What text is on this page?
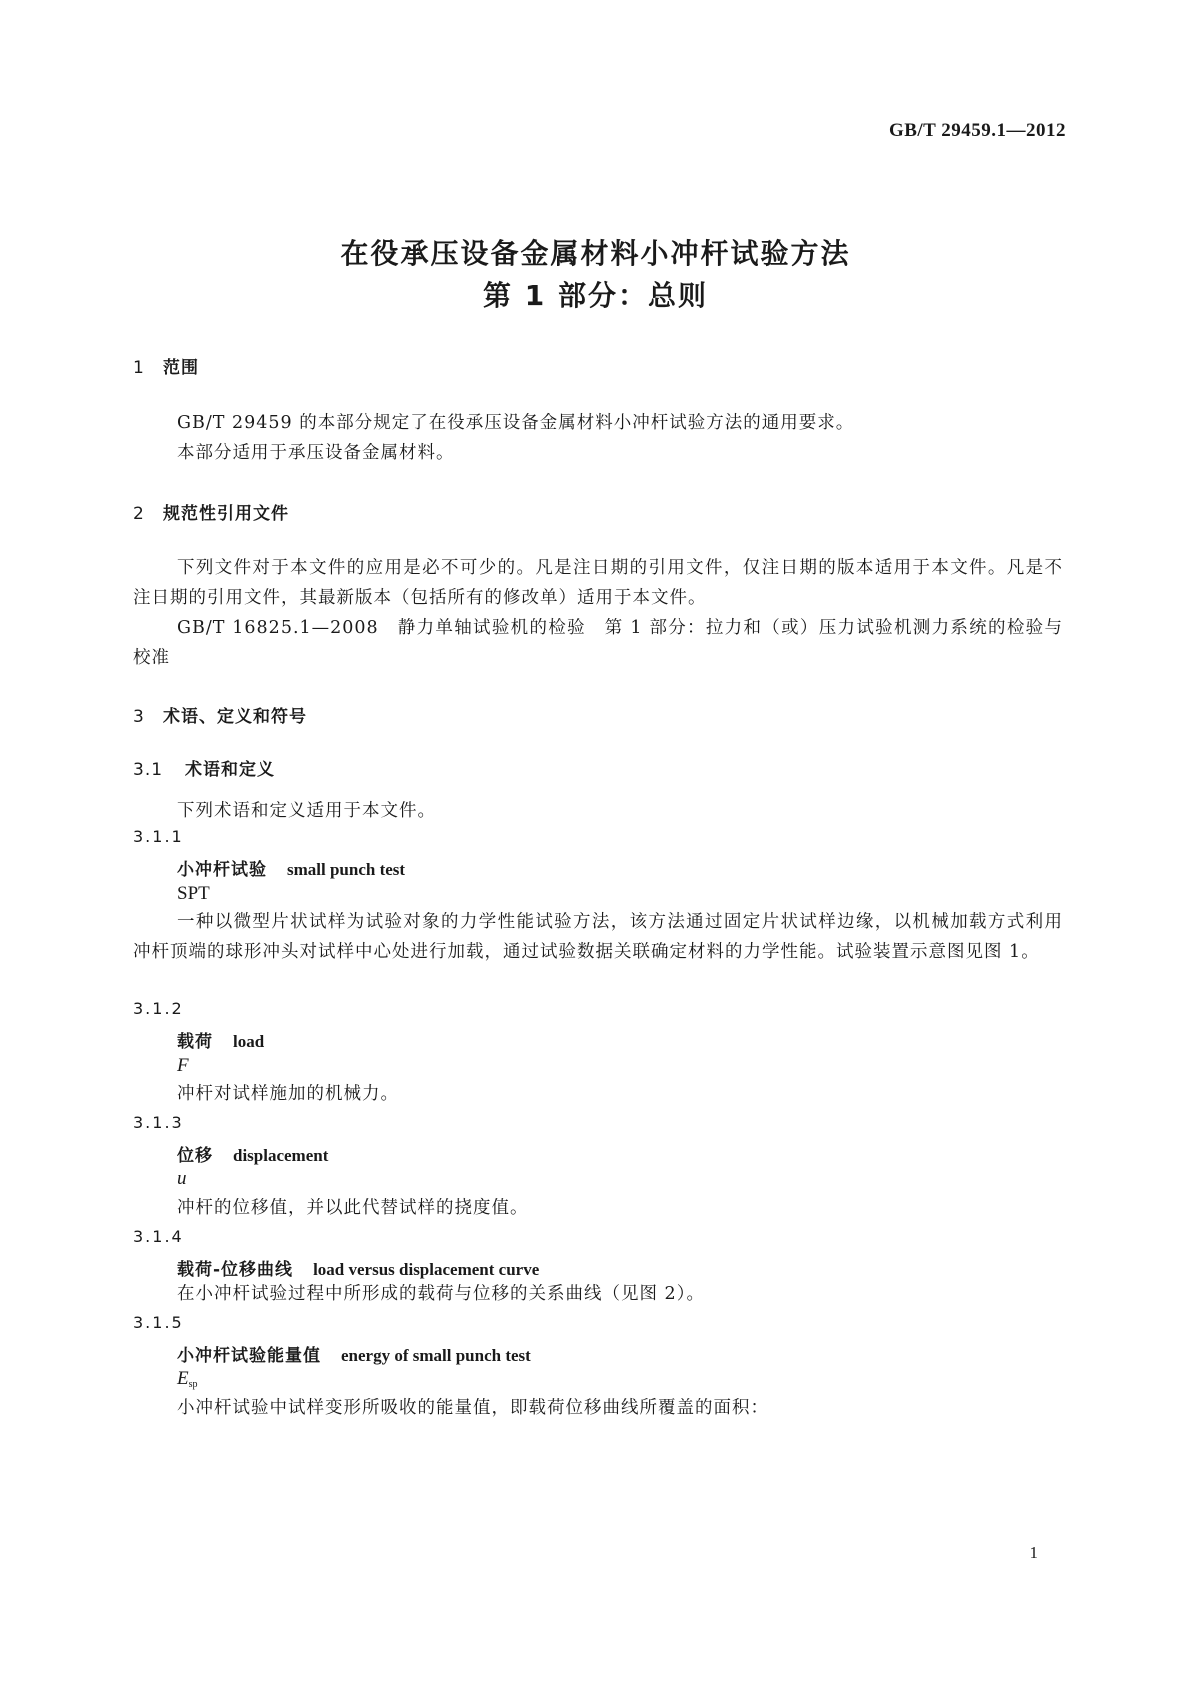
GB/T 29459.1—2012
在役承压设备金属材料小冲杆试验方法
第 1 部分：总则
1 范围
GB/T 29459 的本部分规定了在役承压设备金属材料小冲杆试验方法的通用要求。
本部分适用于承压设备金属材料。
2 规范性引用文件
下列文件对于本文件的应用是必不可少的。凡是注日期的引用文件，仅注日期的版本适用于本文件。凡是不注日期的引用文件，其最新版本（包括所有的修改单）适用于本文件。
GB/T 16825.1—2008　静力单轴试验机的检验　第 1 部分：拉力和（或）压力试验机测力系统的检验与校准
3 术语、定义和符号
3.1 术语和定义
下列术语和定义适用于本文件。
3.1.1
小冲杆试验 small punch test
SPT
一种以微型片状试样为试验对象的力学性能试验方法，该方法通过固定片状试样边缘，以机械加载方式利用冲杆顶端的球形冲头对试样中心处进行加载，通过试验数据关联确定材料的力学性能。试验装置示意图见图 1。
3.1.2
载荷 load
F
冲杆对试样施加的机械力。
3.1.3
位移 displacement
u
冲杆的位移值，并以此代替试样的挠度值。
3.1.4
载荷-位移曲线 load versus displacement curve
在小冲杆试验过程中所形成的载荷与位移的关系曲线（见图 2）。
3.1.5
小冲杆试验能量值 energy of small punch test
$E_{sp}$
小冲杆试验中试样变形所吸收的能量值，即载荷位移曲线所覆盖的面积：
1
